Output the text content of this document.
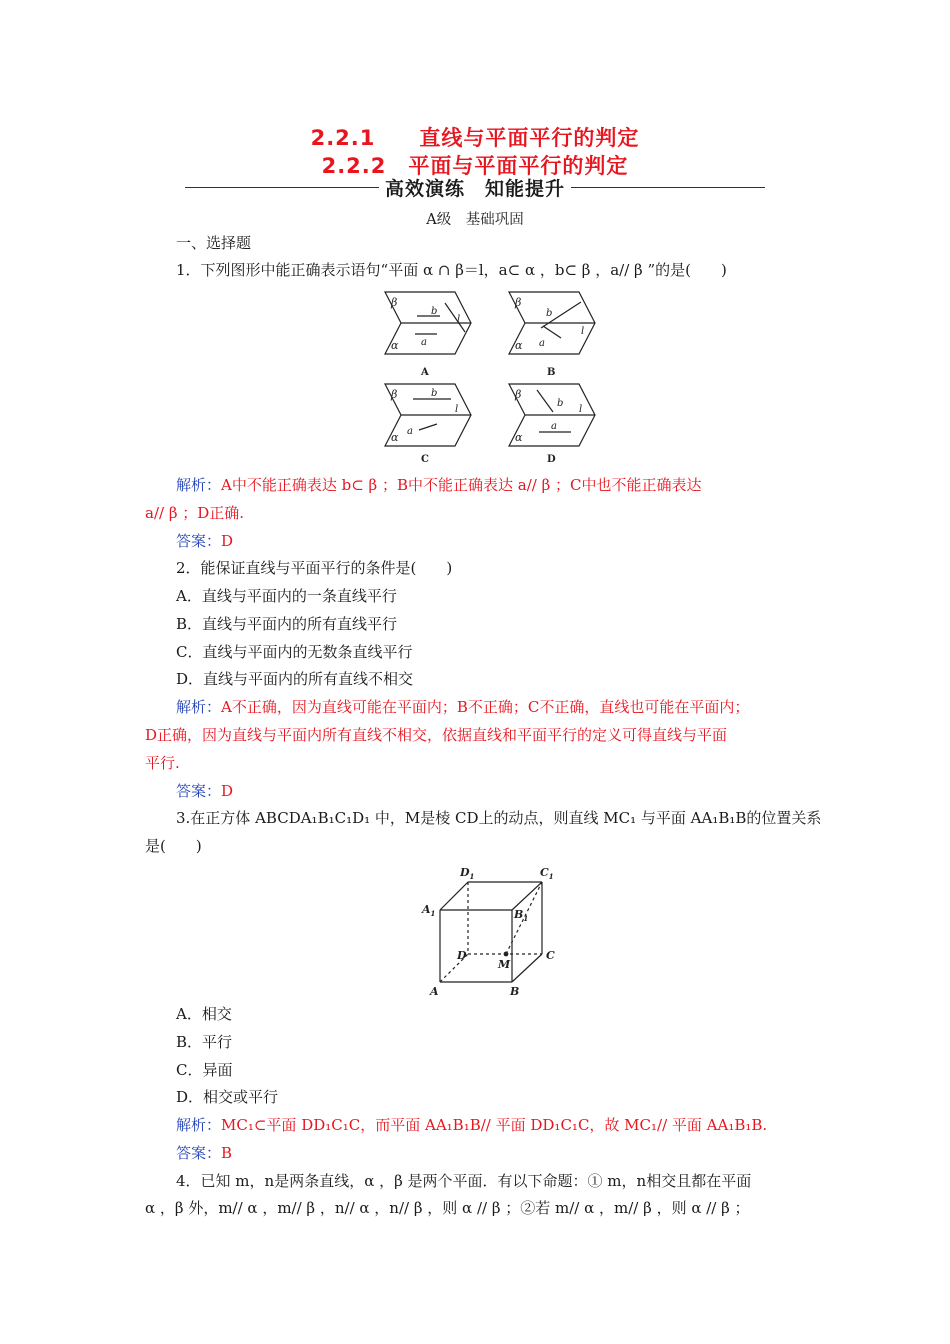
2.2.1　　直线与平面平行的判定
2.2.2　平面与平面平行的判定
高效演练　知能提升
A级　基础巩固
一、选择题
1．下列图形中能正确表示语句“平面 α ∩ β＝l，a⊂ α ，b⊂ β ，a// β ”的是(　　)
β
α
b
a
l
A
β
α
b
a
l
B
β
α
b
a
l
C
β
α
b
a
l
D
解析：A中不能正确表达 b⊂ β ；B中不能正确表达 a// β ；C中也不能正确表达
a// β ；D正确.
答案：D
2．能保证直线与平面平行的条件是(　　)
A．直线与平面内的一条直线平行
B．直线与平面内的所有直线平行
C．直线与平面内的无数条直线平行
D．直线与平面内的所有直线不相交
解析：A不正确，因为直线可能在平面内；B不正确；C不正确，直线也可能在平面内；
D正确，因为直线与平面内所有直线不相交，依据直线和平面平行的定义可得直线与平面
平行.
答案：D
3.在正方体 ABCDA₁B₁C₁D₁ 中，M是棱 CD上的动点，则直线 MC₁ 与平面 AA₁B₁B的位置关系
是(　　)
A	B
C
D
M
$A_1$	$B_1$
$C_1$
$D_1$
A．相交
B．平行
C．异面
D．相交或平行
解析：MC₁⊂平面 DD₁C₁C，而平面 AA₁B₁B// 平面 DD₁C₁C，故 MC₁// 平面 AA₁B₁B.
答案：B
4．已知 m，n是两条直线，α ，β 是两个平面．有以下命题：① m，n相交且都在平面
α ，β 外，m// α ，m// β ，n// α ，n// β ，则 α // β ；②若 m// α ，m// β ，则 α // β ；
